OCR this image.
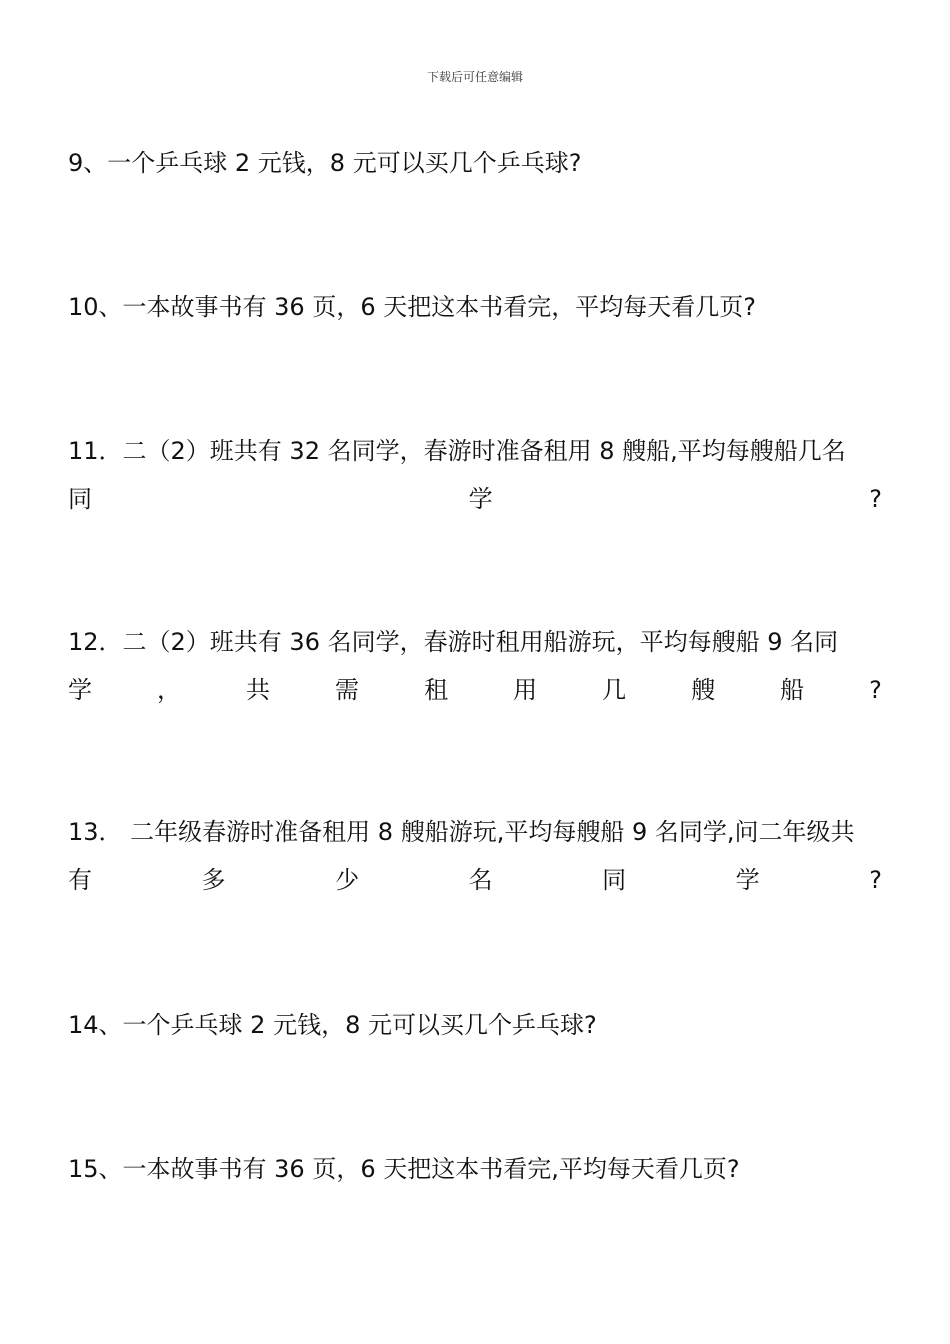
下载后可任意编辑
9、一个乒乓球 2 元钱，8 元可以买几个乒乓球?
10、一本故事书有 36 页，6 天把这本书看完，平均每天看几页?
11．二（2）班共有 32 名同学，春游时准备租用 8 艘船,平均每艘船几名
同	学	?
12．二（2）班共有 36 名同学，春游时租用船游玩，平均每艘船 9 名同
学	，	共	需	租	用	几	艘	船	?
13． 二年级春游时准备租用 8 艘船游玩,平均每艘船 9 名同学,问二年级共
有	多	少	名	同	学	?
14、一个乒乓球 2 元钱，8 元可以买几个乒乓球?
15、一本故事书有 36 页，6 天把这本书看完,平均每天看几页?
